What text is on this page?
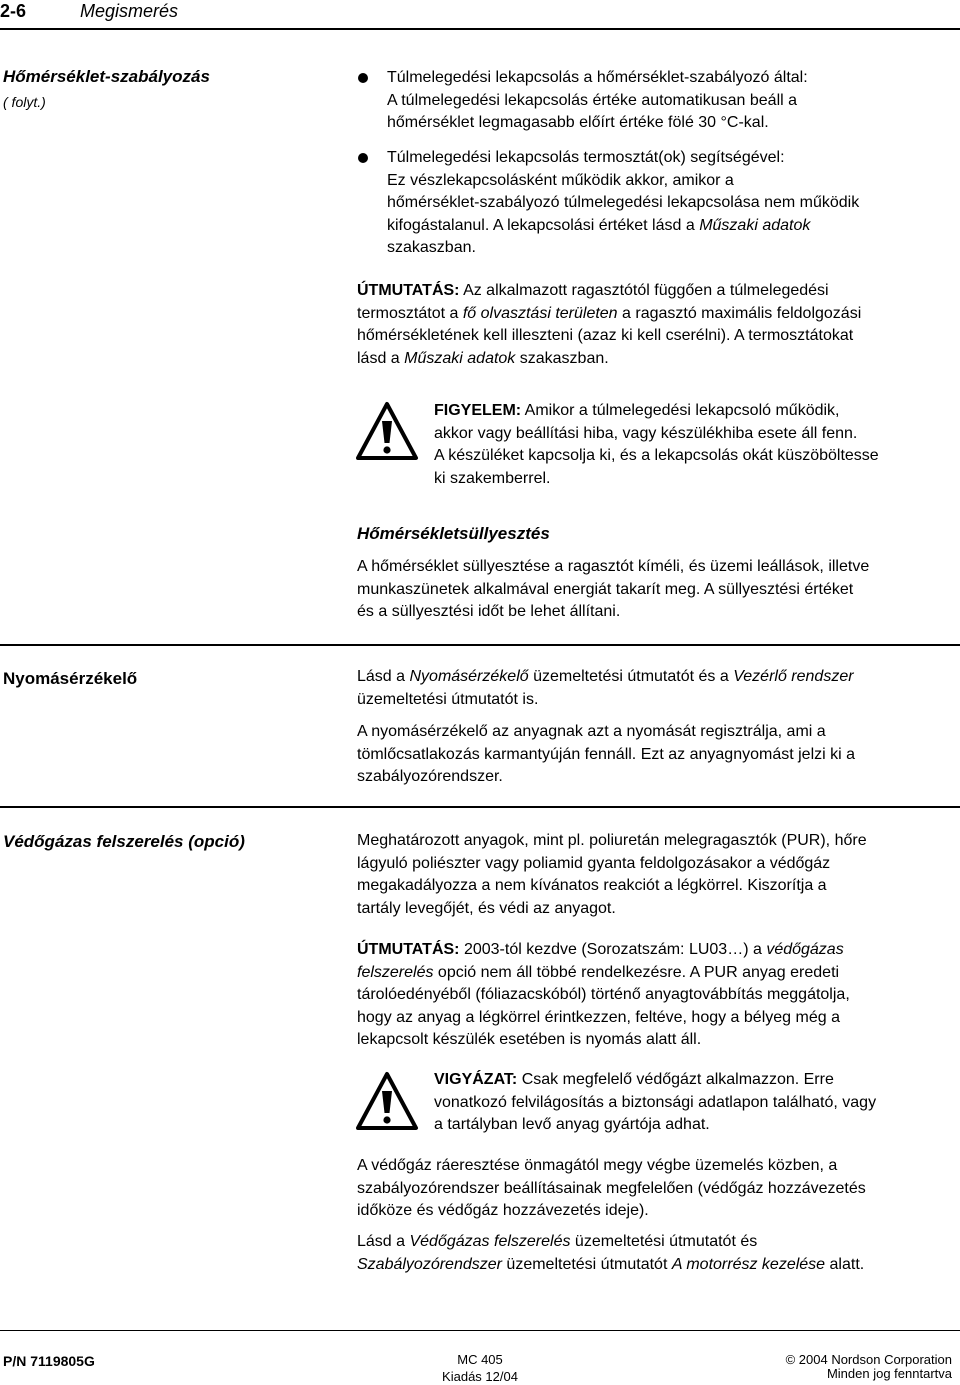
2-6	Megismerés
Hőmérséklet-szabályozás
( folyt.)
Túlmelegedési lekapcsolás a hőmérséklet-szabályozó által:
A túlmelegedési lekapcsolás értéke automatikusan beáll a
hőmérséklet legmagasabb előírt értéke fölé 30 °C-kal.
Túlmelegedési lekapcsolás termosztát(ok) segítségével:
Ez vészlekapcsolásként működik akkor, amikor a
hőmérséklet-szabályozó túlmelegedési lekapcsolása nem működik
kifogástalanul. A lekapcsolási értéket lásd a Műszaki adatok
szakaszban.
ÚTMUTATÁS: Az alkalmazott ragasztótól függően a túlmelegedési
termosztátot a fő olvasztási területen a ragasztó maximális feldolgozási
hőmérsékletének kell illeszteni (azaz ki kell cserélni). A termosztátokat
lásd a Műszaki adatok szakaszban.
FIGYELEM: Amikor a túlmelegedési lekapcsoló működik,
akkor vagy beállítási hiba, vagy készülékhiba esete áll fenn.
A készüléket kapcsolja ki, és a lekapcsolás okát küszöböltesse
ki szakemberrel.
Hőmérsékletsüllyesztés
A hőmérséklet süllyesztése a ragasztót kíméli, és üzemi leállások, illetve
munkaszünetek alkalmával energiát takarít meg. A süllyesztési értéket
és a süllyesztési időt be lehet állítani.
Nyomásérzékelő	Lásd a Nyomásérzékelő üzemeltetési útmutatót és a Vezérlő rendszer
üzemeltetési útmutatót is.
A nyomásérzékelő az anyagnak azt a nyomását regisztrálja, ami a
tömlőcsatlakozás karmantyúján fennáll. Ezt az anyagnyomást jelzi ki a
szabályozórendszer.
Védőgázas felszerelés (opció)	Meghatározott anyagok, mint pl. poliuretán melegragasztók (PUR), hőre
lágyuló poliészter vagy poliamid gyanta feldolgozásakor a védőgáz
megakadályozza a nem kívánatos reakciót a légkörrel. Kiszorítja a
tartály levegőjét, és védi az anyagot.
ÚTMUTATÁS: 2003-tól kezdve (Sorozatszám: LU03…) a védőgázas
felszerelés opció nem áll többé rendelkezésre. A PUR anyag eredeti
tárolóedényéből (fóliazacskóból) történő anyagtovábbítás meggátolja,
hogy az anyag a légkörrel érintkezzen, feltéve, hogy a bélyeg még a
lekapcsolt készülék esetében is nyomás alatt áll.
VIGYÁZAT: Csak megfelelő védőgázt alkalmazzon. Erre
vonatkozó felvilágosítás a biztonsági adatlapon található, vagy
a tartályban levő anyag gyártója adhat.
A védőgáz ráeresztése önmagától megy végbe üzemelés közben, a
szabályozórendszer beállításainak megfelelően (védőgáz hozzávezetés
időköze és védőgáz hozzávezetés ideje).
Lásd a Védőgázas felszerelés üzemeltetési útmutatót és
Szabályozórendszer üzemeltetési útmutatót A motorrész kezelése alatt.
P/N 7119805G	MC 405
Kiadás 12/04
© 2004 Nordson Corporation
Minden jog fenntartva
